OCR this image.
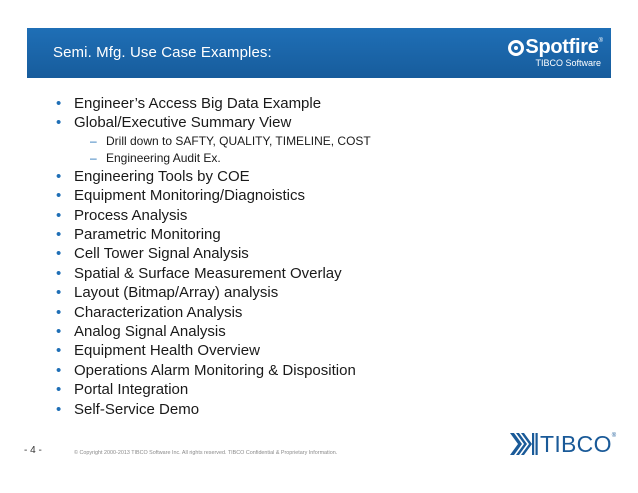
Semi. Mfg. Use Case Examples:	Spotfire ®
TIBCO Software
• Engineer’s Access Big Data Example
• Global/Executive Summary View
– Drill down to SAFTY, QUALITY, TIMELINE, COST
– Engineering Audit Ex.
• Engineering Tools by COE
• Equipment Monitoring/Diagnoistics
• Process Analysis
• Parametric Monitoring
• Cell Tower Signal Analysis
• Spatial & Surface Measurement Overlay
• Layout (Bitmap/Array) analysis
• Characterization Analysis
• Analog Signal Analysis
• Equipment Health Overview
• Operations Alarm Monitoring & Disposition
• Portal Integration
• Self-Service Demo
- 4 -	© Copyright 2000-2013 TIBCO Software Inc. All rights reserved. TIBCO Confidential & Proprietary Information.	TIBCO ®
